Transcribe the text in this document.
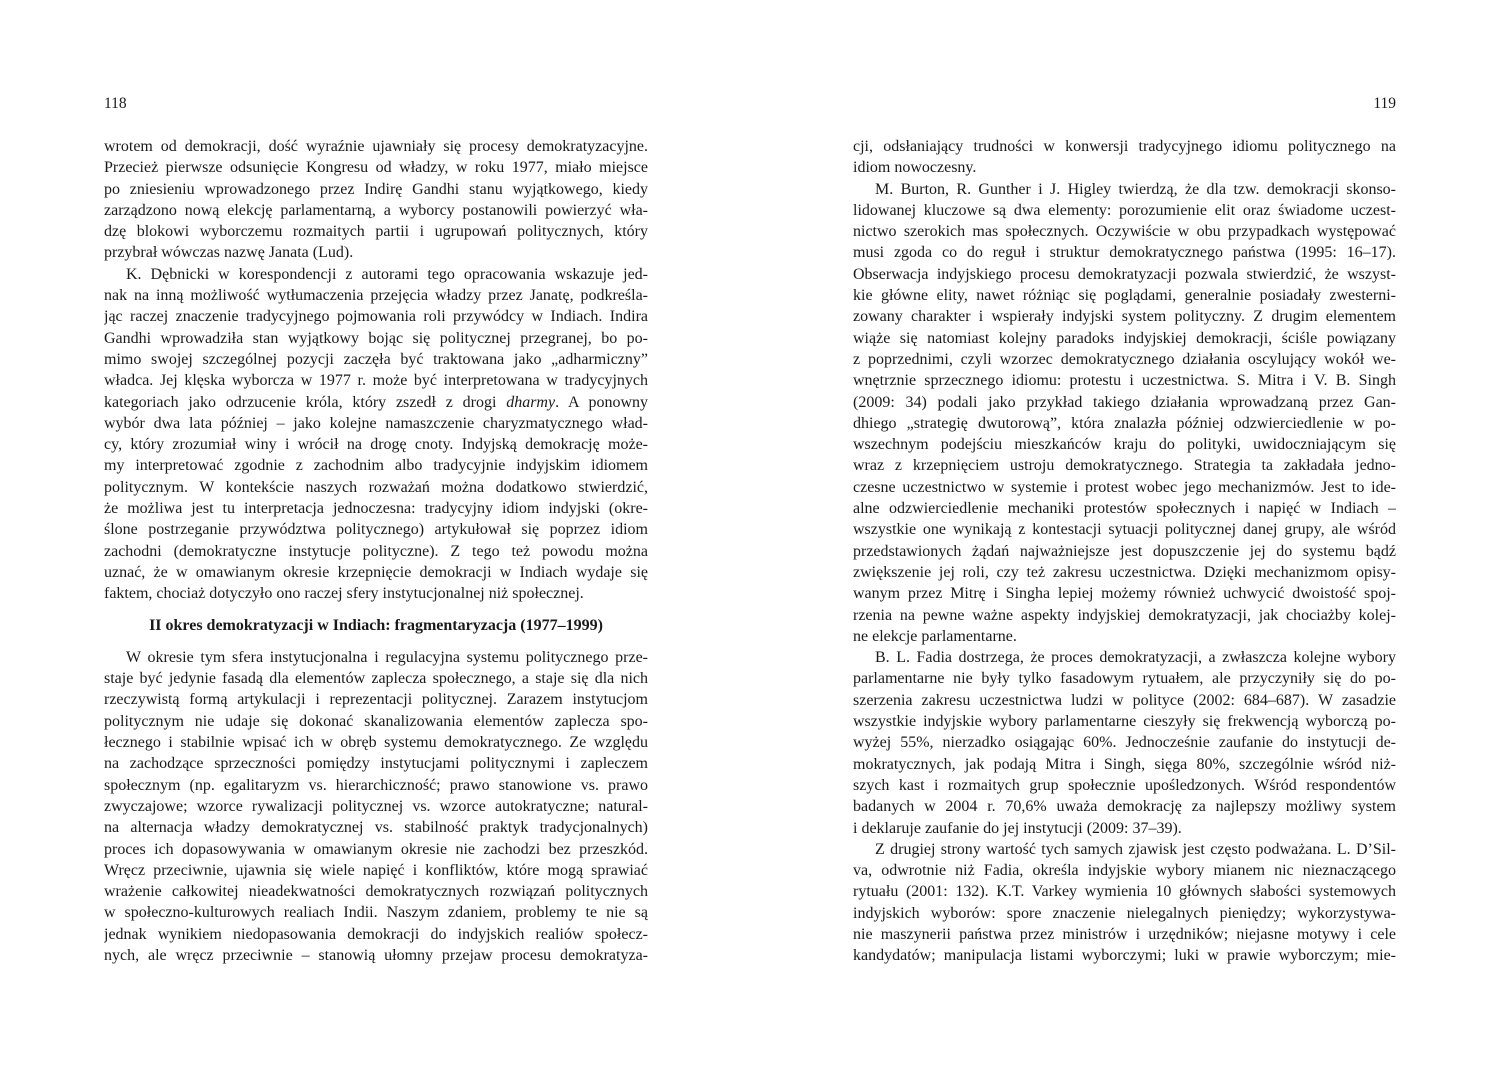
118
wrotem od demokracji, dość wyraźnie ujawniały się procesy demokratyzacyjne.
Przecież pierwsze odsunięcie Kongresu od władzy, w roku 1977, miało miejsce
po zniesieniu wprowadzonego przez Indirę Gandhi stanu wyjątkowego, kiedy
zarządzono nową elekcję parlamentarną, a wyborcy postanowili powierzyć wła-
dzę blokowi wyborczemu rozmaitych partii i ugrupowań politycznych, który
przybrał wówczas nazwę Janata (Lud).
K. Dębnicki w korespondencji z autorami tego opracowania wskazuje jed-
nak na inną możliwość wytłumaczenia przejęcia władzy przez Janatę, podkreśla-
jąc raczej znaczenie tradycyjnego pojmowania roli przywódcy w Indiach. Indira
Gandhi wprowadziła stan wyjątkowy bojąc się politycznej przegranej, bo po-
mimo swojej szczególnej pozycji zaczęła być traktowana jako „adharmiczny”
władca. Jej klęska wyborcza w 1977 r. może być interpretowana w tradycyjnych
kategoriach jako odrzucenie króla, który zszedł z drogi dharmy. A ponowny
wybór dwa lata później – jako kolejne namaszczenie charyzmatycznego wład-
cy, który zrozumiał winy i wrócił na drogę cnoty. Indyjską demokrację może-
my interpretować zgodnie z zachodnim albo tradycyjnie indyjskim idiomem
politycznym. W kontekście naszych rozważań można dodatkowo stwierdzić,
że możliwa jest tu interpretacja jednoczesna: tradycyjny idiom indyjski (okre-
ślone postrzeganie przywództwa politycznego) artykułował się poprzez idiom
zachodni (demokratyczne instytucje polityczne). Z tego też powodu można
uznać, że w omawianym okresie krzepnięcie demokracji w Indiach wydaje się
faktem, chociaż dotyczyło ono raczej sfery instytucjonalnej niż społecznej.
II okres demokratyzacji w Indiach: fragmentaryzacja (1977–1999)
W okresie tym sfera instytucjonalna i regulacyjna systemu politycznego prze-
staje być jedynie fasadą dla elementów zaplecza społecznego, a staje się dla nich
rzeczywistą formą artykulacji i reprezentacji politycznej. Zarazem instytucjom
politycznym nie udaje się dokonać skanalizowania elementów zaplecza spo-
łecznego i stabilnie wpisać ich w obręb systemu demokratycznego. Ze względu
na zachodzące sprzeczności pomiędzy instytucjami politycznymi i zapleczem
społecznym (np. egalitaryzm vs. hierarchiczność; prawo stanowione vs. prawo
zwyczajowe; wzorce rywalizacji politycznej vs. wzorce autokratyczne; natural-
na alternacja władzy demokratycznej vs. stabilność praktyk tradycjonalnych)
proces ich dopasowywania w omawianym okresie nie zachodzi bez przeszkód.
Wręcz przeciwnie, ujawnia się wiele napięć i konfliktów, które mogą sprawiać
wrażenie całkowitej nieadekwatności demokratycznych rozwiązań politycznych
w społeczno-kulturowych realiach Indii. Naszym zdaniem, problemy te nie są
jednak wynikiem niedopasowania demokracji do indyjskich realiów społecz-
nych, ale wręcz przeciwnie – stanowią ułomny przejaw procesu demokratyza-
119
cji, odsłaniający trudności w konwersji tradycyjnego idiomu politycznego na
idiom nowoczesny.
M. Burton, R. Gunther i J. Higley twierdzą, że dla tzw. demokracji skonso-
lidowanej kluczowe są dwa elementy: porozumienie elit oraz świadome uczest-
nictwo szerokich mas społecznych. Oczywiście w obu przypadkach występować
musi zgoda co do reguł i struktur demokratycznego państwa (1995: 16–17).
Obserwacja indyjskiego procesu demokratyzacji pozwala stwierdzić, że wszyst-
kie główne elity, nawet różniąc się poglądami, generalnie posiadały zwesterni-
zowany charakter i wspierały indyjski system polityczny. Z drugim elementem
wiąże się natomiast kolejny paradoks indyjskiej demokracji, ściśle powiązany
z poprzednimi, czyli wzorzec demokratycznego działania oscylujący wokół we-
wnętrznie sprzecznego idiomu: protestu i uczestnictwa. S. Mitra i V. B. Singh
(2009: 34) podali jako przykład takiego działania wprowadzaną przez Gan-
dhiego „strategię dwutorową”, która znalazła później odzwierciedlenie w po-
wszechnym podejściu mieszkańców kraju do polityki, uwidoczniającym się
wraz z krzepnięciem ustroju demokratycznego. Strategia ta zakładała jedno-
czesne uczestnictwo w systemie i protest wobec jego mechanizmów. Jest to ide-
alne odzwierciedlenie mechaniki protestów społecznych i napięć w Indiach –
wszystkie one wynikają z kontestacji sytuacji politycznej danej grupy, ale wśród
przedstawionych żądań najważniejsze jest dopuszczenie jej do systemu bądź
zwiększenie jej roli, czy też zakresu uczestnictwa. Dzięki mechanizmom opisy-
wanym przez Mitrę i Singha lepiej możemy również uchwycić dwoistość spoj-
rzenia na pewne ważne aspekty indyjskiej demokratyzacji, jak chociażby kolej-
ne elekcje parlamentarne.
B. L. Fadia dostrzega, że proces demokratyzacji, a zwłaszcza kolejne wybory
parlamentarne nie były tylko fasadowym rytuałem, ale przyczyniły się do po-
szerzenia zakresu uczestnictwa ludzi w polityce (2002: 684–687). W zasadzie
wszystkie indyjskie wybory parlamentarne cieszyły się frekwencją wyborczą po-
wyżej 55%, nierzadko osiągając 60%. Jednocześnie zaufanie do instytucji de-
mokratycznych, jak podają Mitra i Singh, sięga 80%, szczególnie wśród niż-
szych kast i rozmaitych grup społecznie upośledzonych. Wśród respondentów
badanych w 2004 r. 70,6% uważa demokrację za najlepszy możliwy system
i deklaruje zaufanie do jej instytucji (2009: 37–39).
Z drugiej strony wartość tych samych zjawisk jest często podważana. L. D’Sil-
va, odwrotnie niż Fadia, określa indyjskie wybory mianem nic nieznaczącego
rytuału (2001: 132). K.T. Varkey wymienia 10 głównych słabości systemowych
indyjskich wyborów: spore znaczenie nielegalnych pieniędzy; wykorzystywa-
nie maszynerii państwa przez ministrów i urzędników; niejasne motywy i cele
kandydatów; manipulacja listami wyborczymi; luki w prawie wyborczym; mie-
